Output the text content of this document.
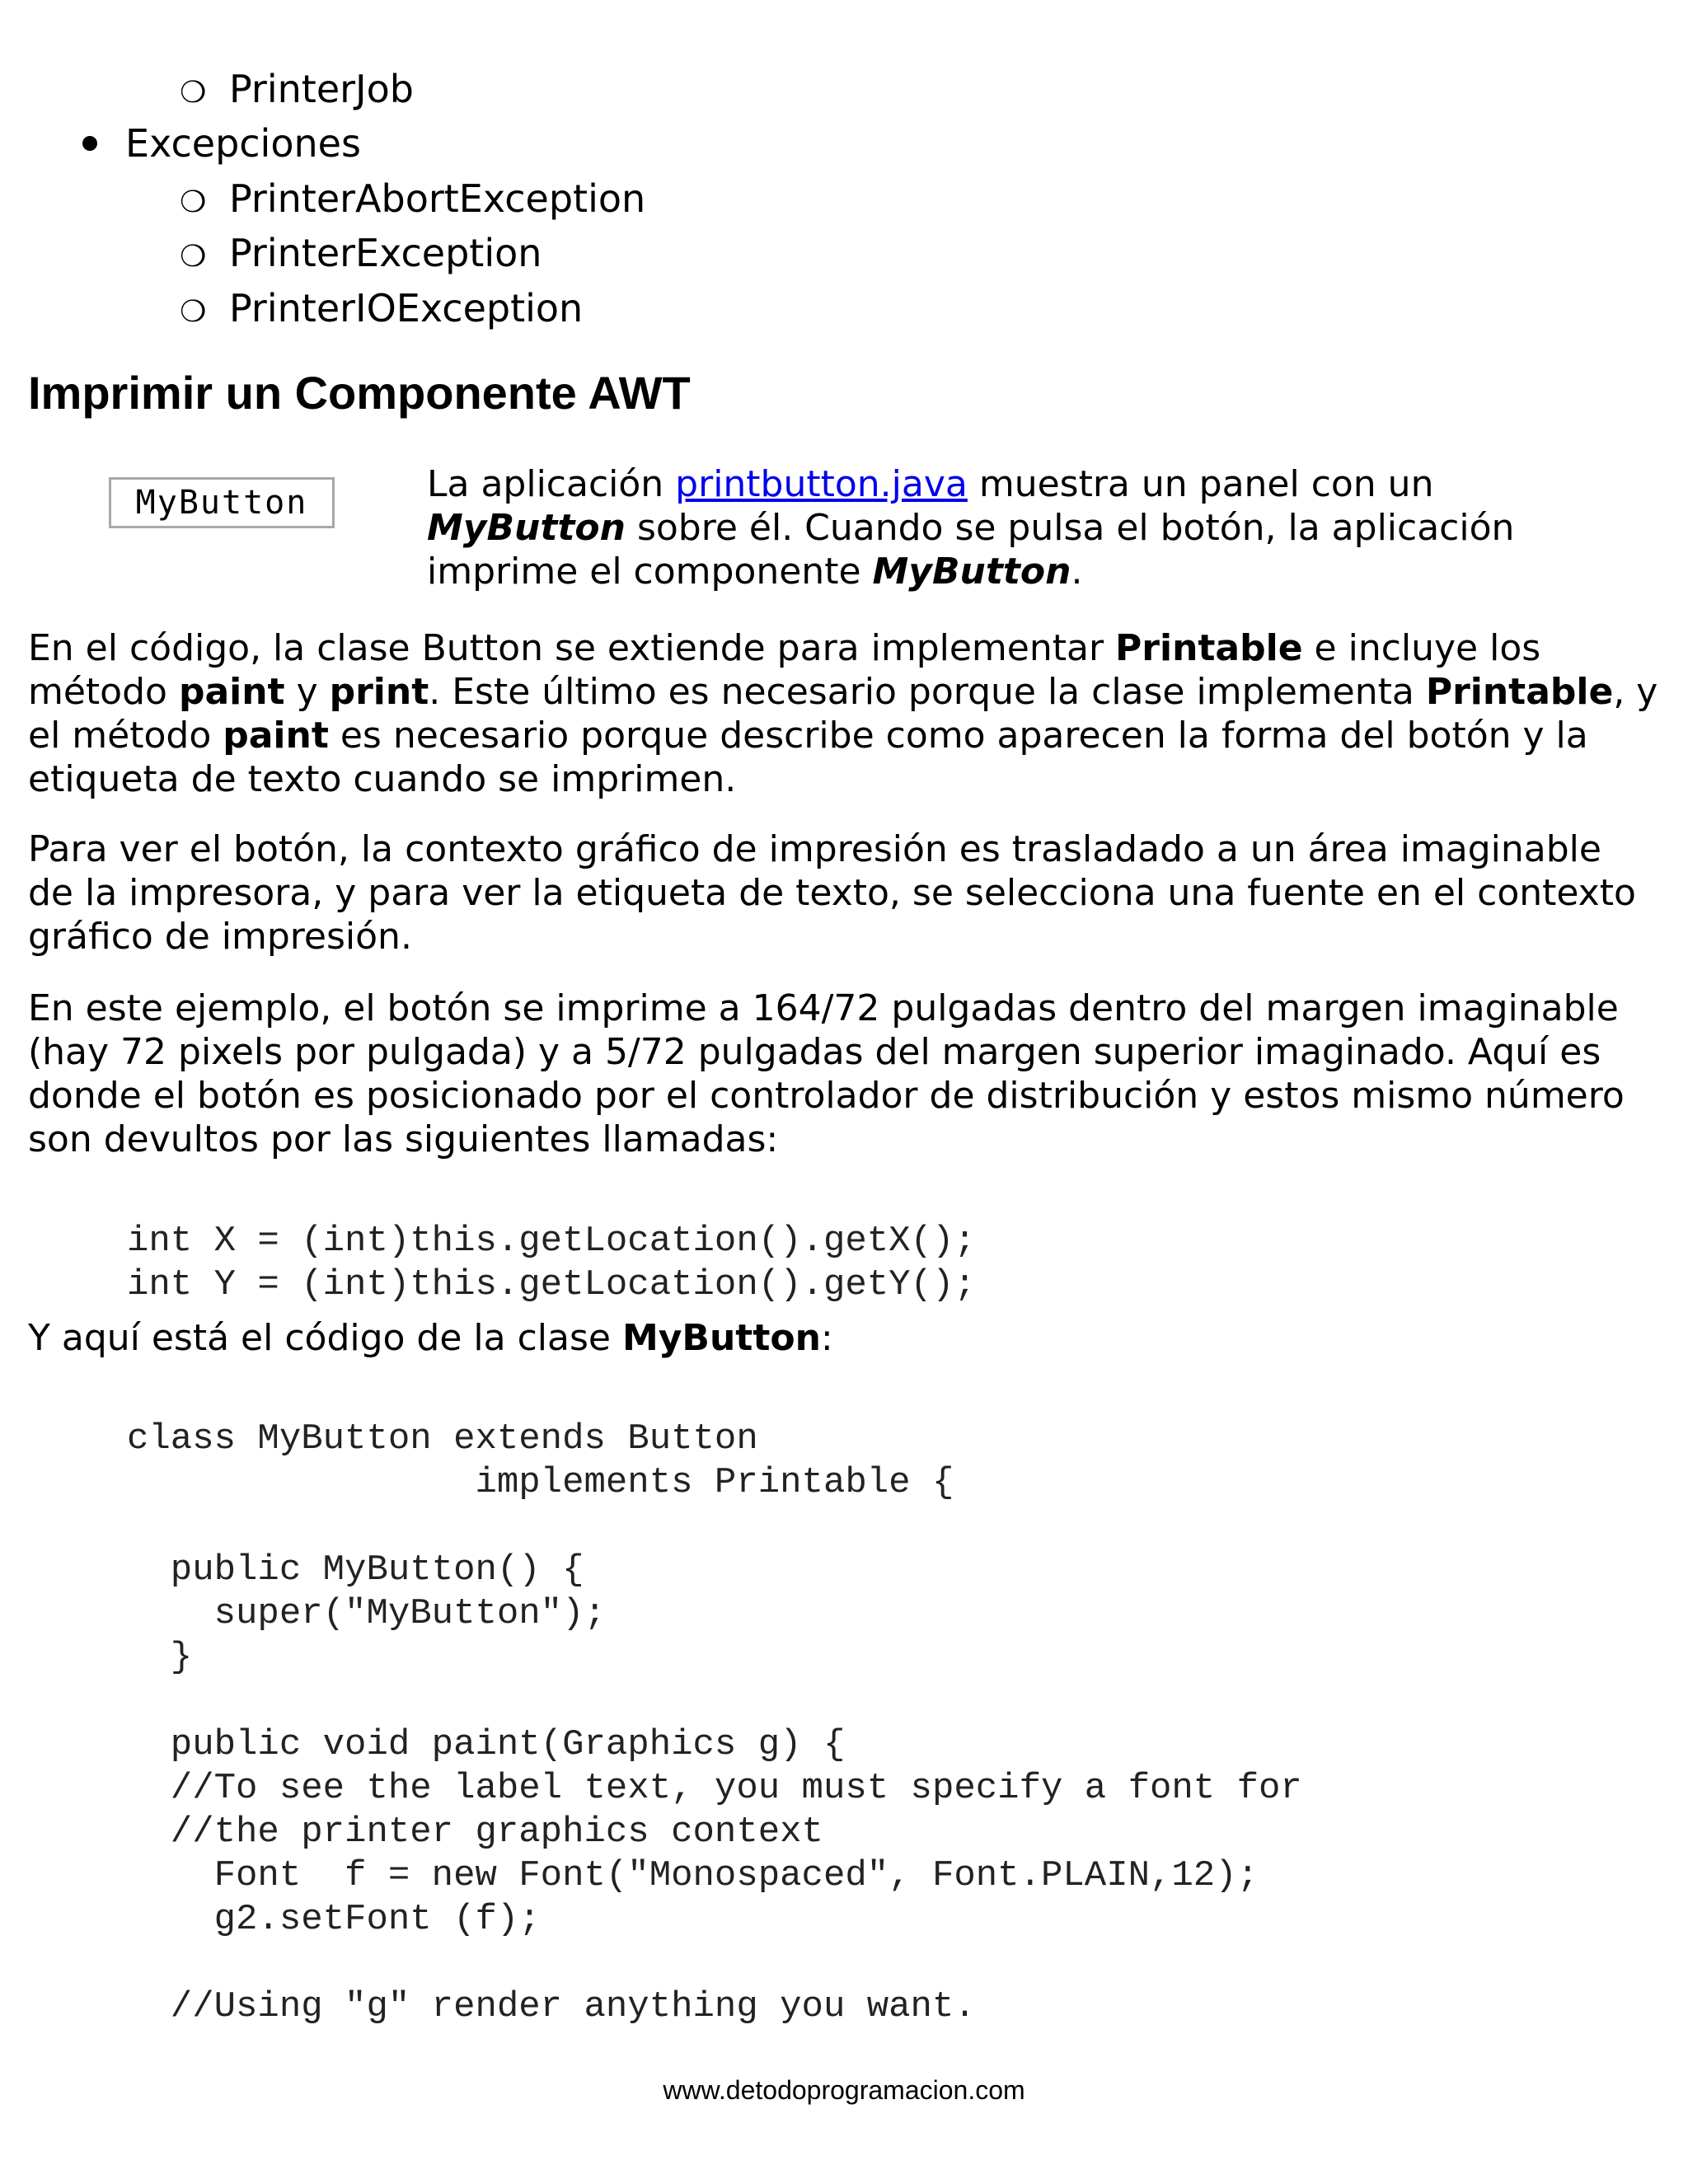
❍ PrinterJob
Excepciones
❍ PrinterAbortException
❍ PrinterException
❍ PrinterIOException
Imprimir un Componente AWT
MyButton	La aplicación printbutton.java muestra un panel con un MyButton sobre él. Cuando se pulsa el botón, la aplicación imprime el componente MyButton.
En el código, la clase Button se extiende para implementar Printable e incluye los método paint y print. Este último es necesario porque la clase implementa Printable, y el método paint es necesario porque describe como aparecen la forma del botón y la etiqueta de texto cuando se imprimen.
Para ver el botón, la contexto gráfico de impresión es trasladado a un área imaginable de la impresora, y para ver la etiqueta de texto, se selecciona una fuente en el contexto gráfico de impresión.
En este ejemplo, el botón se imprime a 164/72 pulgadas dentro del margen imaginable (hay 72 pixels por pulgada) y a 5/72 pulgadas del margen superior imaginado. Aquí es donde el botón es posicionado por el controlador de distribución y estos mismo número son devultos por las siguientes llamadas:
int X = (int)this.getLocation().getX();
int Y = (int)this.getLocation().getY();
Y aquí está el código de la clase MyButton:
class MyButton extends Button
implements Printable {

public MyButton() {
super("MyButton");
}

public void paint(Graphics g) {
//To see the label text, you must specify a font for
//the printer graphics context
Font  f = new Font("Monospaced", Font.PLAIN,12);
g2.setFont (f);

//Using "g" render anything you want.
www.detodoprogramacion.com
